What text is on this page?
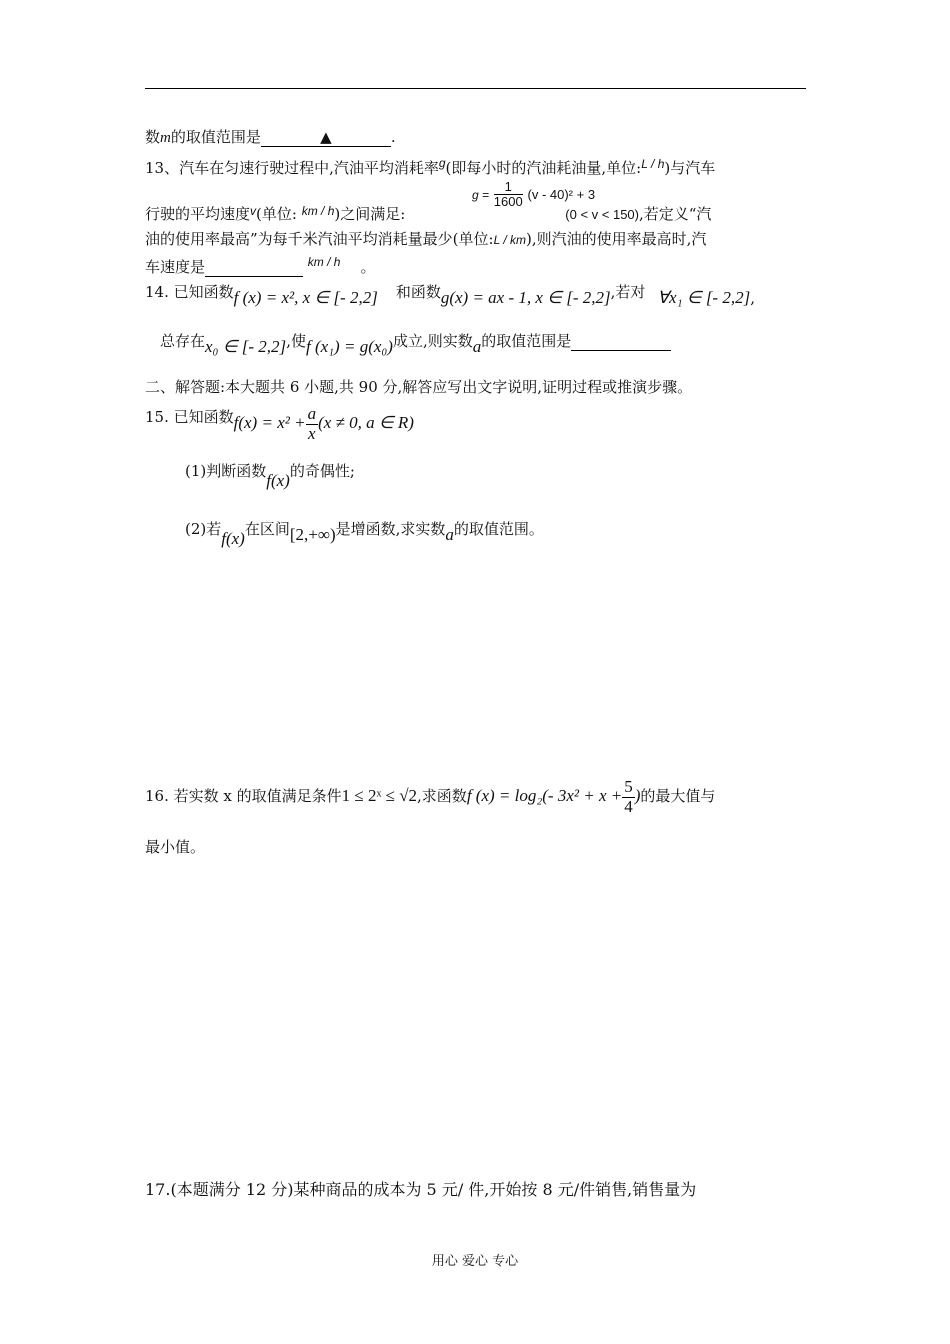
数m的取值范围是	▲	.
13、汽车在匀速行驶过程中,汽油平均消耗率$^g$(即每小时的汽油耗油量,单位:$^{L / h}$)与汽车
$g = \frac{1}{1600} (v - 40)^2 + 3$
行驶的平均速度$^v$(单位: $^{km / h}$)之间满足:	(0 < v < 150),若定义“汽
油的使用率最高”为每千米汽油平均消耗量最少(单位:L / km),则汽油的使用率最高时,汽
车速度是	$^{km / h}$ 。
14. 已知函数f (x) = x², x ∈ [- 2,2] 和函数g(x) = ax - 1, x ∈ [- 2,2],若对 ∀x₁ ∈ [- 2,2],
总存在x₀ ∈ [- 2,2],使f (x₁) = g(x₀)成立,则实数a的取值范围是
二、解答题:本大题共 6 小题,共 90 分,解答应写出文字说明,证明过程或推演步骤。
15. 已知函数$f(x) = x^2 + \frac{a}{x} (x \ne 0$, a ∈ R)
(1)判断函数f(x)的奇偶性;
(2)若f(x)在区间[2,+∞)是增函数,求实数a的取值范围。
16. 若实数 x 的取值满足条件1 ≤ 2ˣ ≤ √2,求函数f (x) = log₂(- $3x^2 + x + \frac{5}{4}$ )的最大值与
最小值。
17.(本题满分 12 分)某种商品的成本为 5 元/ 件,开始按 8 元/件销售,销售量为
用心 爱心 专心
